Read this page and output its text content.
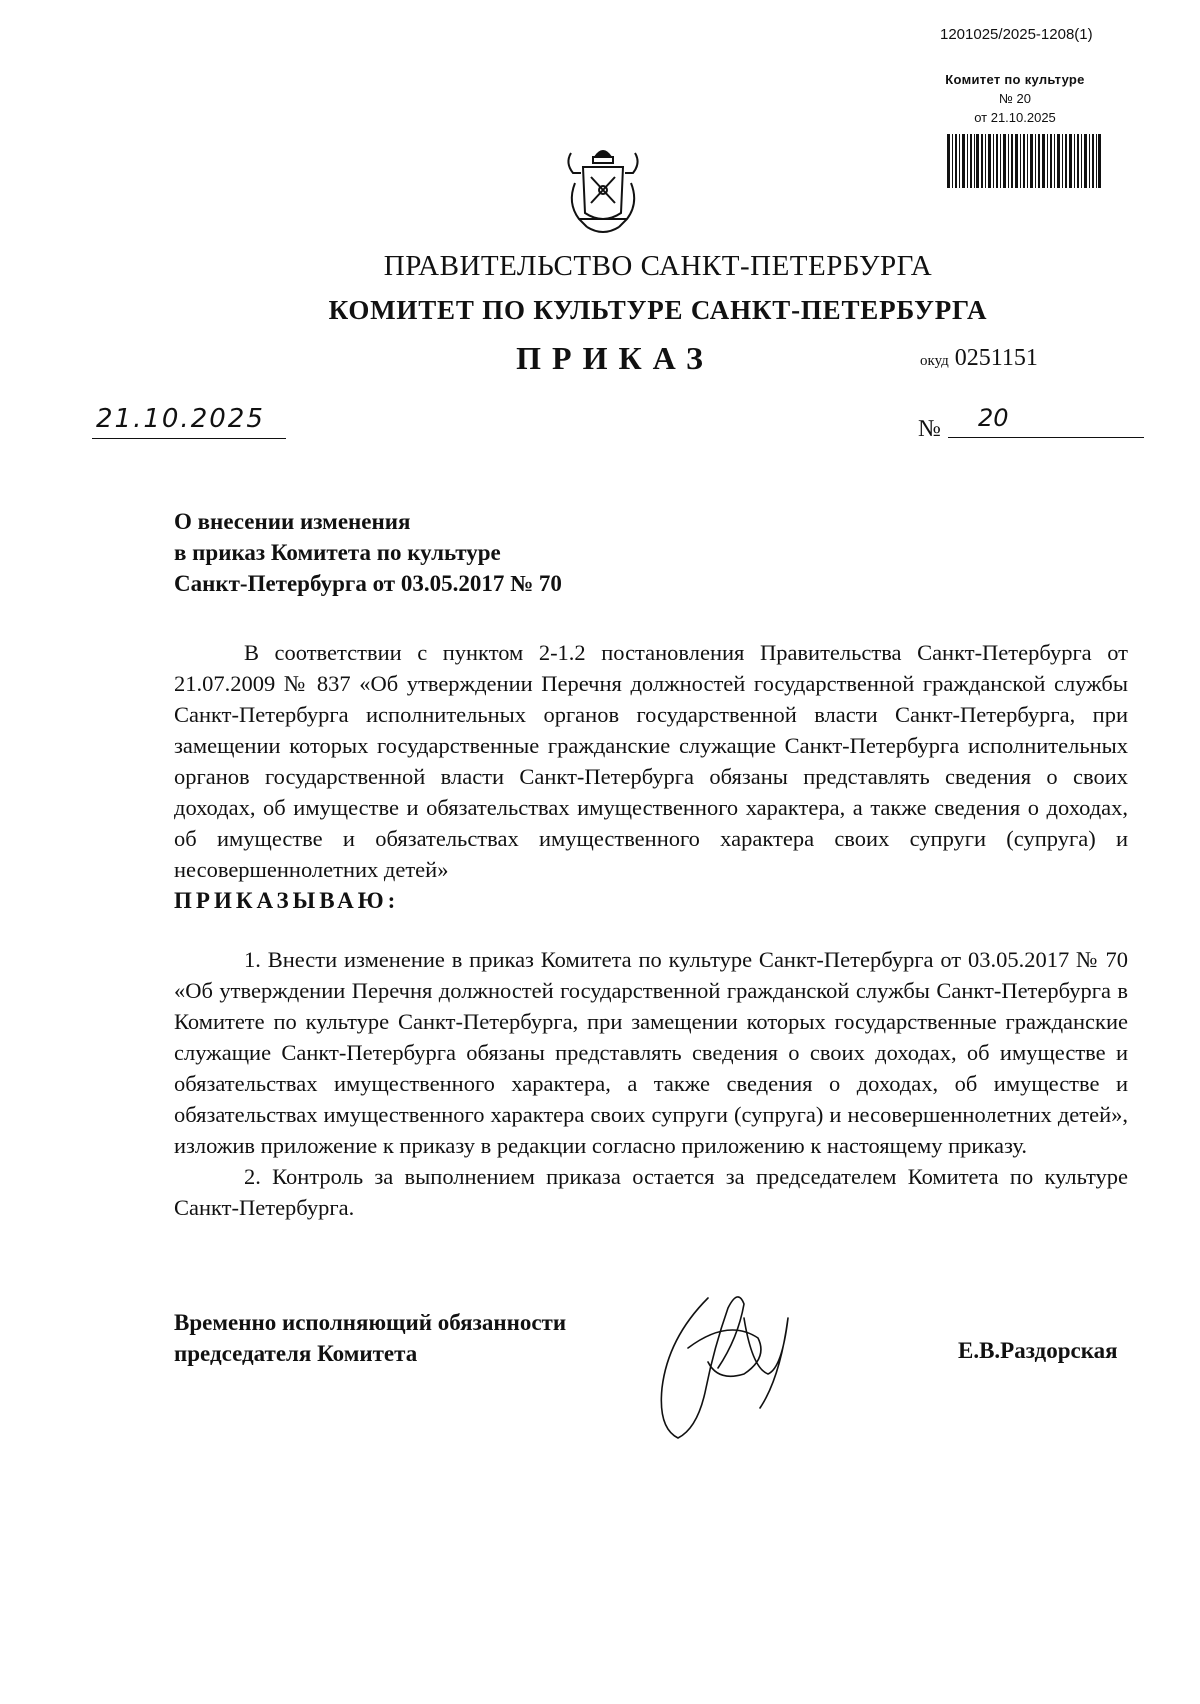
1201025/2025-1208(1)
Комитет по культуре
№ 20
от 21.10.2025
ПРАВИТЕЛЬСТВО САНКТ-ПЕТЕРБУРГА
КОМИТЕТ ПО КУЛЬТУРЕ САНКТ-ПЕТЕРБУРГА
ПРИКАЗ	окуд 0251151
21.10.2025	№	20
О внесении изменения
в приказ Комитета по культуре
Санкт-Петербурга от 03.05.2017 № 70

В соответствии с пунктом 2-1.2 постановления Правительства Санкт-Петербурга от 21.07.2009 № 837 «Об утверждении Перечня должностей государственной гражданской службы Санкт-Петербурга исполнительных органов государственной власти Санкт-Петербурга, при замещении которых государственные гражданские служащие Санкт-Петербурга исполнительных органов государственной власти Санкт-Петербурга обязаны представлять сведения о своих доходах, об имуществе и обязательствах имущественного характера, а также сведения о доходах, об имуществе и обязательствах имущественного характера своих супруги (супруга) и несовершеннолетних детей»

ПРИКАЗЫВАЮ:

1. Внести изменение в приказ Комитета по культуре Санкт-Петербурга от 03.05.2017 № 70 «Об утверждении Перечня должностей государственной гражданской службы Санкт-Петербурга в Комитете по культуре Санкт-Петербурга, при замещении которых государственные гражданские служащие Санкт-Петербурга обязаны представлять сведения о своих доходах, об имуществе и обязательствах имущественного характера, а также сведения о доходах, об имуществе и обязательствах имущественного характера своих супруги (супруга) и несовершеннолетних детей», изложив приложение к приказу в редакции согласно приложению к настоящему приказу.

2. Контроль за выполнением приказа остается за председателем Комитета по культуре Санкт-Петербурга.

Временно исполняющий обязанности
председателя Комитета	Е.В.Раздорская
